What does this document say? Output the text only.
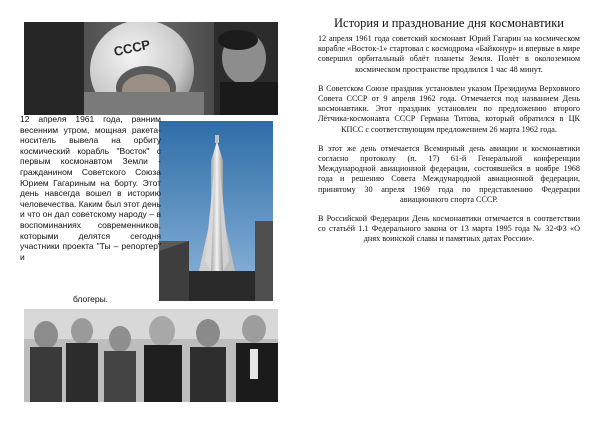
СССР

12 апреля 1961 года, ранним весенним утром, мощная ракета-носитель вывела на орбиту космический корабль "Восток" с первым космонавтом Земли - гражданином Советского Союза Юрием Гагариным на борту. Этот день навсегда вошел в историю человечества. Каким был этот день и что он дал советскому народу – в воспоминаниях современников, которыми делятся сегодня участники проекта "Ты – репортер" и

блогеры.

История и празднование дня космонавтики

12 апреля 1961 года советский космонавт Юрий Гагарин на космическом корабле «Восток-1» стартовал с космодрома «Байконур» и впервые в мире совершил орбитальный облёт планеты Земля. Полёт в околоземном космическом пространстве продлился 1 час 48 минут.

В Советском Союзе праздник установлен указом Президиума Верховного Совета СССР от 9 апреля 1962 года. Отмечается под названием День космонавтики. Этот праздник установлен по предложению второго Лётчика-космонавта СССР Германа Титова, который обратился в ЦК КПСС с соответствующим предложением 26 марта 1962 года.

В этот же день отмечается Всемирный день авиации и космонавтики согласно протоколу (п. 17) 61-й Генеральной конференции Международной авиационной федерации, состоявшейся в ноябре 1968 года и решению Совета Международной авиационной федерации, принятому 30 апреля 1969 года по представлению Федерации авиационного спорта СССР.

В Российской Федерации День космонавтики отмечается в соответствии со статьёй 1.1 Федерального закона от 13 марта 1995 года № 32-ФЗ «О днях воинской славы и памятных датах России».
